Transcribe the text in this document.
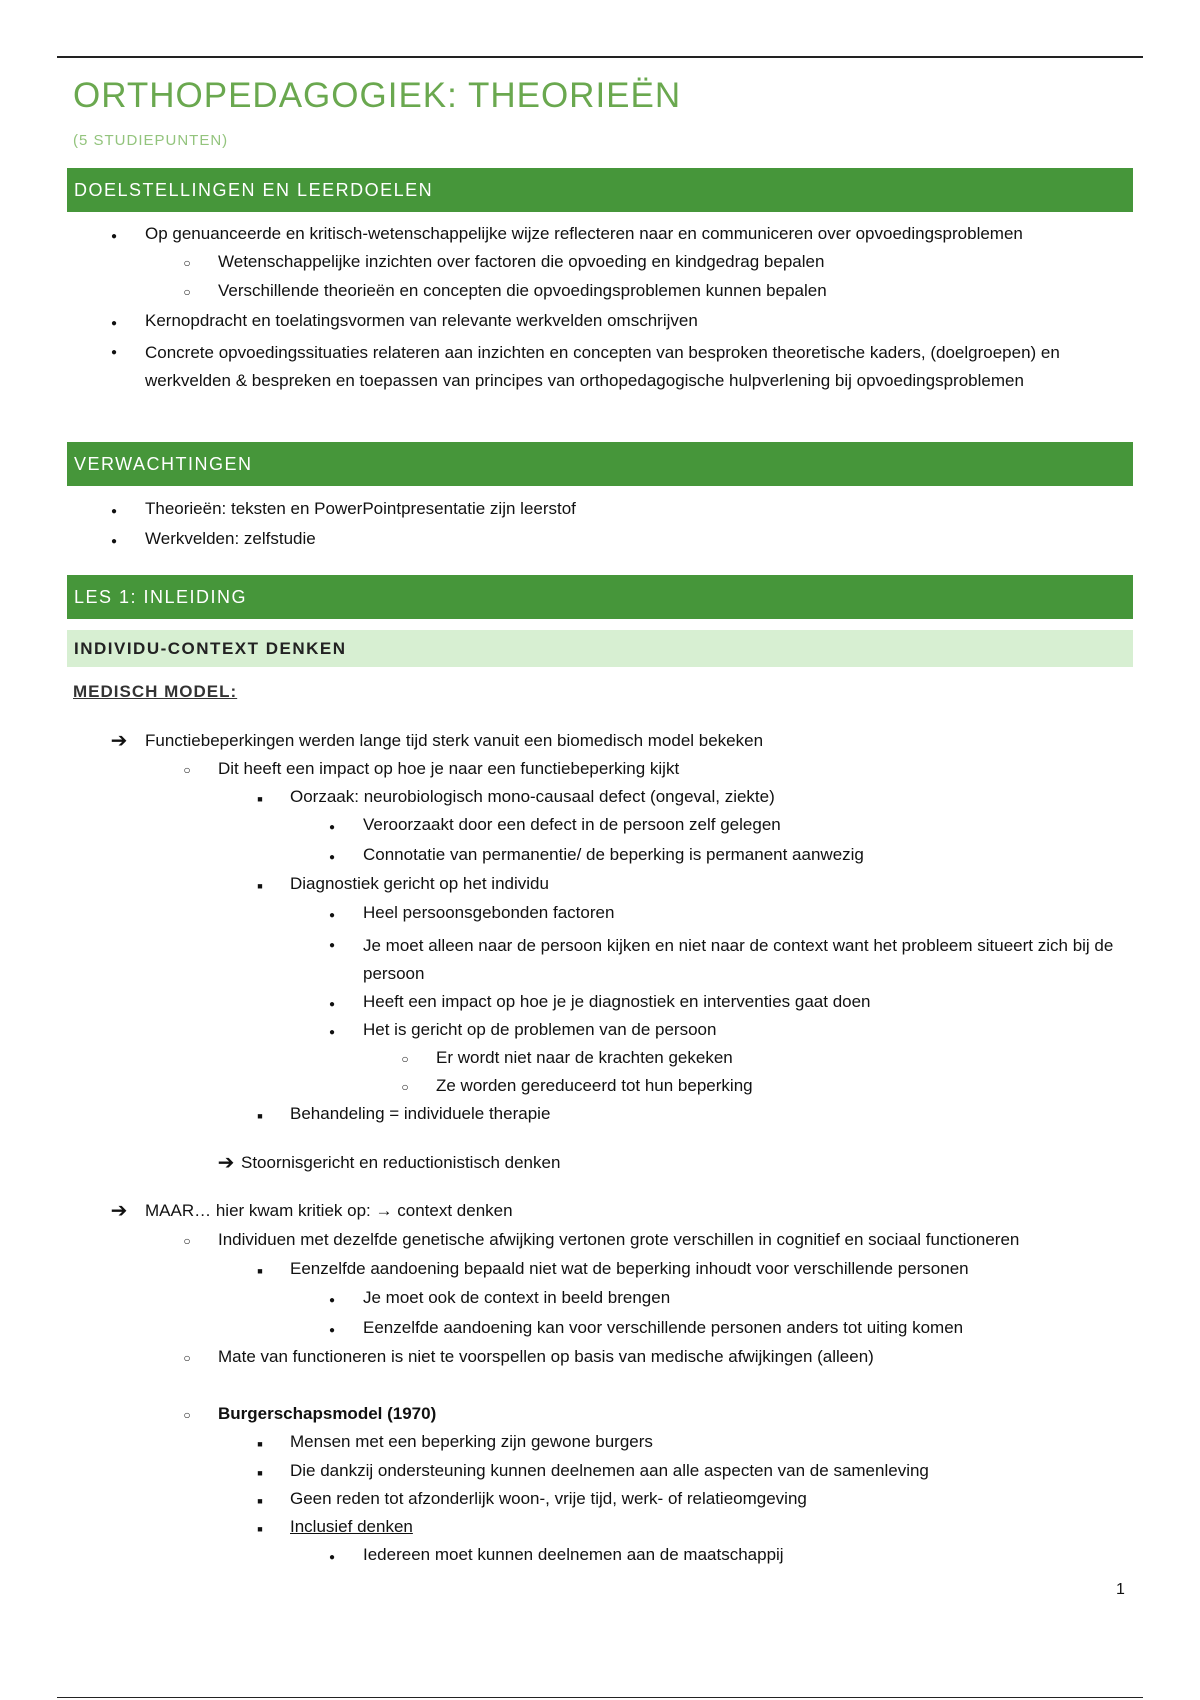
ORTHOPEDAGOGIEK: THEORIEËN
(5 STUDIEPUNTEN)
DOELSTELLINGEN EN LEERDOELEN
●
Op genuanceerde en kritisch-wetenschappelijke wijze reflecteren naar en communiceren over opvoedingsproblemen
○
Wetenschappelijke inzichten over factoren die opvoeding en kindgedrag bepalen
○
Verschillende theorieën en concepten die opvoedingsproblemen kunnen bepalen
●
Kernopdracht en toelatingsvormen van relevante werkvelden omschrijven
●
Concrete opvoedingssituaties relateren aan inzichten en concepten van besproken theoretische kaders, (doelgroepen) en werkvelden & bespreken en toepassen van principes van orthopedagogische hulpverlening bij opvoedingsproblemen
VERWACHTINGEN
●
Theorieën: teksten en PowerPointpresentatie zijn leerstof
●
Werkvelden: zelfstudie
LES 1: INLEIDING
INDIVIDU-CONTEXT DENKEN
MEDISCH MODEL:
➔
Functiebeperkingen werden lange tijd sterk vanuit een biomedisch model bekeken
○
Dit heeft een impact op hoe je naar een functiebeperking kijkt
■
Oorzaak: neurobiologisch mono-causaal defect (ongeval, ziekte)
●
Veroorzaakt door een defect in de persoon zelf gelegen
●
Connotatie van permanentie/ de beperking is permanent aanwezig
■
Diagnostiek gericht op het individu
●
Heel persoonsgebonden factoren
●
Je moet alleen naar de persoon kijken en niet naar de context want het probleem situeert zich bij de persoon
●
Heeft een impact op hoe je je diagnostiek en interventies gaat doen
●
Het is gericht op de problemen van de persoon
○
Er wordt niet naar de krachten gekeken
○
Ze worden gereduceerd tot hun beperking
■
Behandeling = individuele therapie
➔
Stoornisgericht en reductionistisch denken
➔
MAAR… hier kwam kritiek op: → context denken
○
Individuen met dezelfde genetische afwijking vertonen grote verschillen in cognitief en sociaal functioneren
■
Eenzelfde aandoening bepaald niet wat de beperking inhoudt voor verschillende personen
●
Je moet ook de context in beeld brengen
●
Eenzelfde aandoening kan voor verschillende personen anders tot uiting komen
○
Mate van functioneren is niet te voorspellen op basis van medische afwijkingen (alleen)
○
Burgerschapsmodel (1970)
■
Mensen met een beperking zijn gewone burgers
■
Die dankzij ondersteuning kunnen deelnemen aan alle aspecten van de samenleving
■
Geen reden tot afzonderlijk woon-, vrije tijd, werk- of relatieomgeving
■
Inclusief denken
●
Iedereen moet kunnen deelnemen aan de maatschappij
1
